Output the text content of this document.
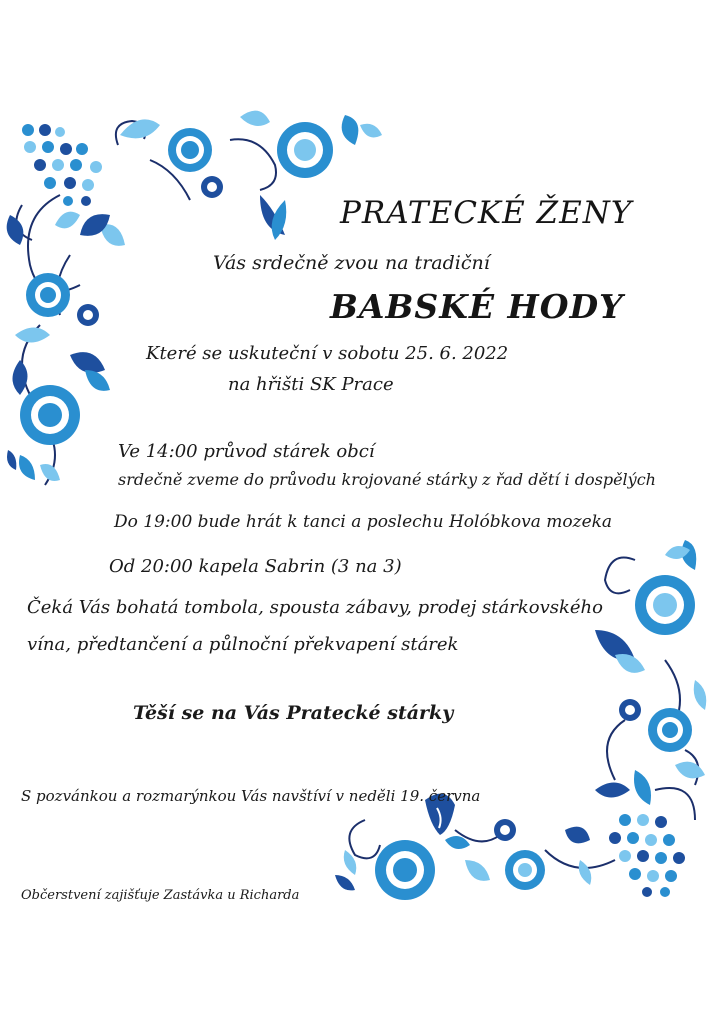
PRATECKÉ ŽENY
Vás srdečně zvou na tradiční
BABSKÉ HODY
Které se uskuteční v sobotu 25. 6. 2022
na hřišti SK Prace
Ve 14:00 průvod stárek obcí
srdečně zveme do průvodu krojované stárky z řad dětí i dospělých
Do 19:00 bude hrát k tanci a poslechu Holóbkova mozeka
Od 20:00 kapela Sabrin (3 na 3)
Čeká Vás bohatá tombola, spousta zábavy, prodej stárkovského
vína, předtančení a půlnoční překvapení stárek
Těší se na Vás Pratecké stárky
S pozvánkou a rozmarýnkou Vás navštíví v neděli 19. června
Občerstvení zajišťuje Zastávka u Richarda
